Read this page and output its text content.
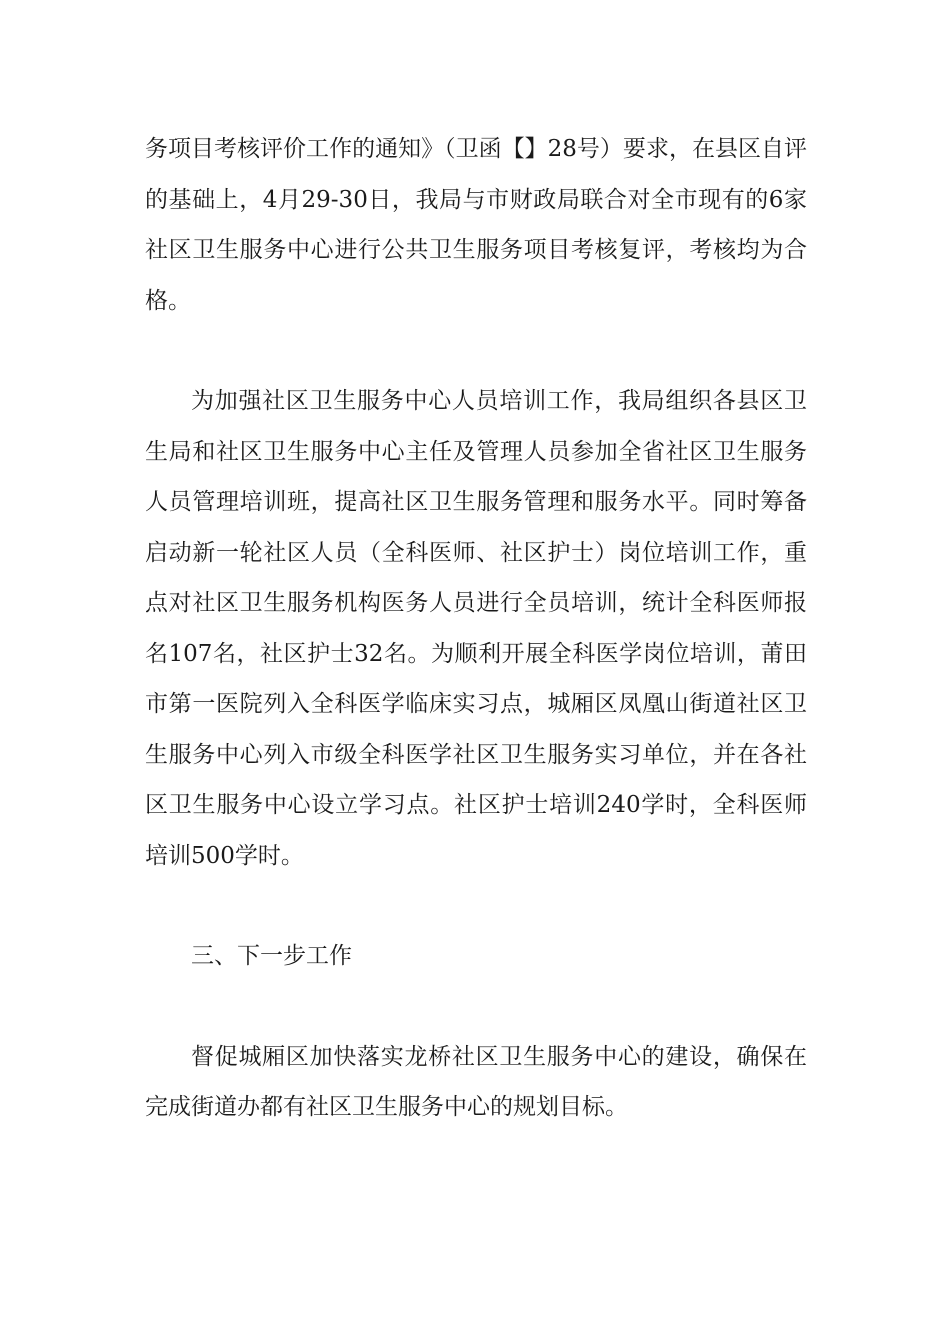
务项目考核评价工作的通知》（卫函【】28号）要求，在县区自评的基础上，4月29-30日，我局与市财政局联合对全市现有的6家社区卫生服务中心进行公共卫生服务项目考核复评，考核均为合格。

为加强社区卫生服务中心人员培训工作，我局组织各县区卫生局和社区卫生服务中心主任及管理人员参加全省社区卫生服务人员管理培训班，提高社区卫生服务管理和服务水平。同时筹备启动新一轮社区人员（全科医师、社区护士）岗位培训工作，重点对社区卫生服务机构医务人员进行全员培训，统计全科医师报名107名，社区护士32名。为顺利开展全科医学岗位培训，莆田市第一医院列入全科医学临床实习点，城厢区凤凰山街道社区卫生服务中心列入市级全科医学社区卫生服务实习单位，并在各社区卫生服务中心设立学习点。社区护士培训240学时，全科医师培训500学时。

三、下一步工作

督促城厢区加快落实龙桥社区卫生服务中心的建设，确保在完成街道办都有社区卫生服务中心的规划目标。
